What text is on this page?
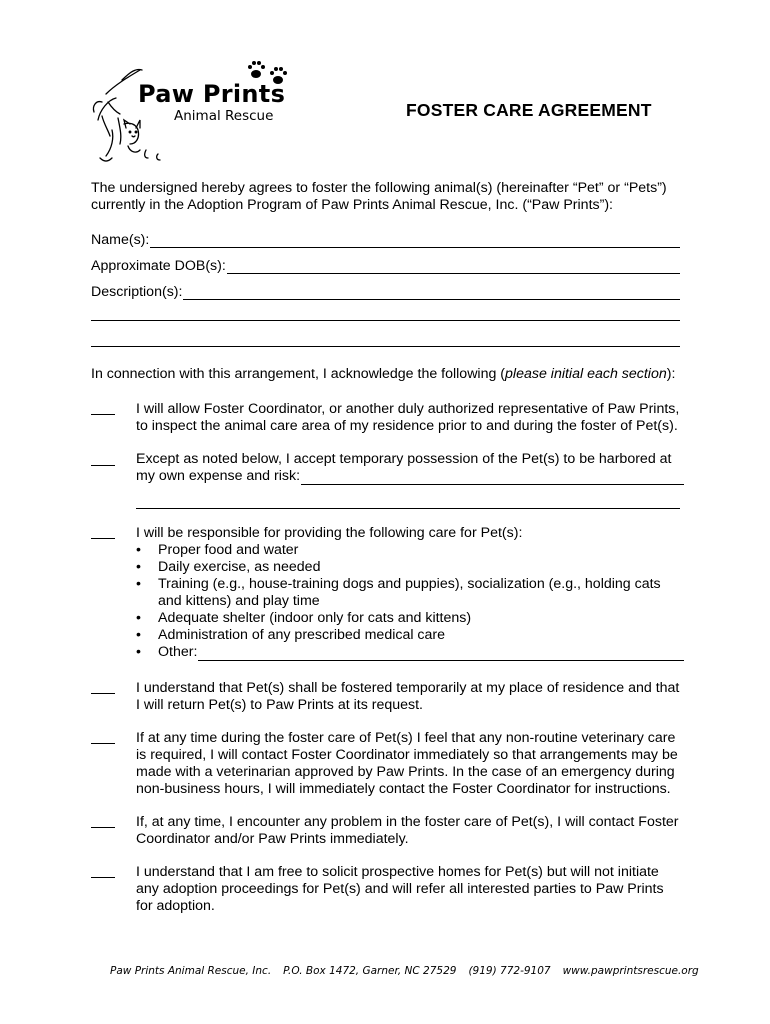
Paw Prints
Animal Rescue	FOSTER CARE AGREEMENT
The undersigned hereby agrees to foster the following animal(s) (hereinafter “Pet” or “Pets”) currently in the Adoption Program of Paw Prints Animal Rescue, Inc. (“Paw Prints”):
Name(s):
Approximate DOB(s):
Description(s):
In connection with this arrangement, I acknowledge the following (please initial each section):
I will allow Foster Coordinator, or another duly authorized representative of Paw Prints, to inspect the animal care area of my residence prior to and during the foster of Pet(s).
Except as noted below, I accept temporary possession of the Pet(s) to be harbored at
my own expense and risk:
I will be responsible for providing the following care for Pet(s):
• Proper food and water
• Daily exercise, as needed
• Training (e.g., house-training dogs and puppies), socialization (e.g., holding cats and kittens) and play time
• Adequate shelter (indoor only for cats and kittens)
• Administration of any prescribed medical care
• Other:
I understand that Pet(s) shall be fostered temporarily at my place of residence and that I will return Pet(s) to Paw Prints at its request.
If at any time during the foster care of Pet(s) I feel that any non-routine veterinary care is required, I will contact Foster Coordinator immediately so that arrangements may be made with a veterinarian approved by Paw Prints. In the case of an emergency during non-business hours, I will immediately contact the Foster Coordinator for instructions.
If, at any time, I encounter any problem in the foster care of Pet(s), I will contact Foster Coordinator and/or Paw Prints immediately.
I understand that I am free to solicit prospective homes for Pet(s) but will not initiate any adoption proceedings for Pet(s) and will refer all interested parties to Paw Prints for adoption.
Paw Prints Animal Rescue, Inc. P.O. Box 1472, Garner, NC 27529 (919) 772-9107 www.pawprintsrescue.org
